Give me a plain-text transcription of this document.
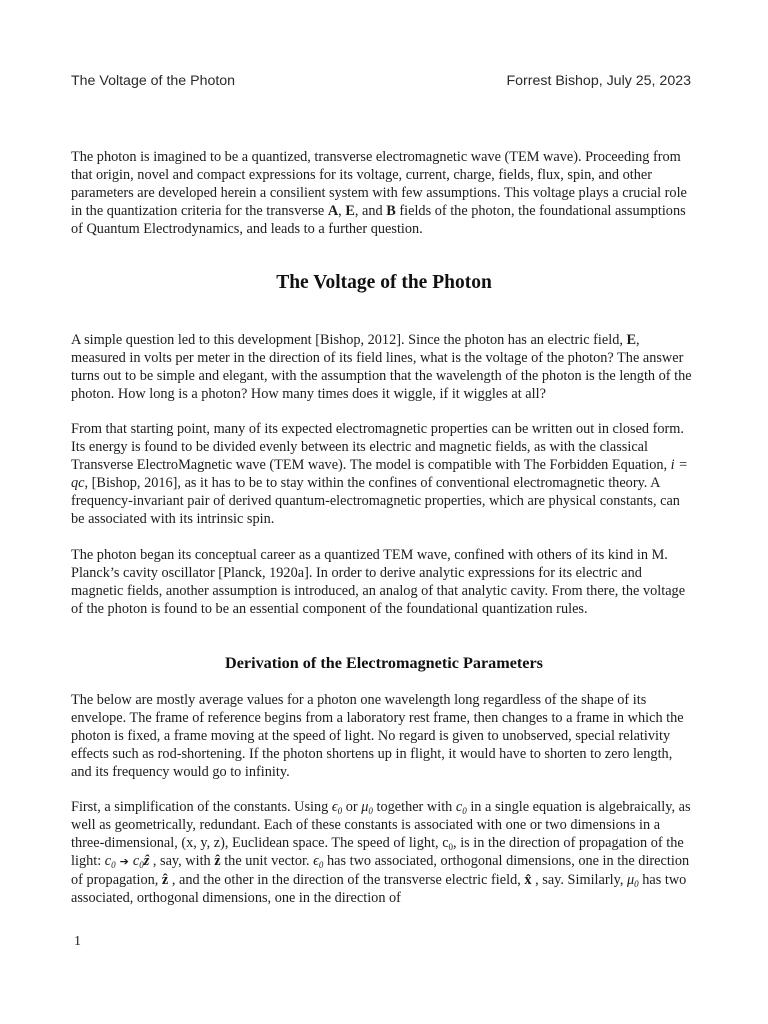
The Voltage of the Photon	Forrest Bishop, July 25, 2023

The photon is imagined to be a quantized, transverse electromagnetic wave (TEM wave). Proceeding from that origin, novel and compact expressions for its voltage, current, charge, fields, flux, spin, and other parameters are developed herein a consilient system with few assumptions. This voltage plays a crucial role in the quantization criteria for the transverse A, E, and B fields of the photon, the foundational assumptions of Quantum Electrodynamics, and leads to a further question.

The Voltage of the Photon

A simple question led to this development [Bishop, 2012]. Since the photon has an electric field, E, measured in volts per meter in the direction of its field lines, what is the voltage of the photon? The answer turns out to be simple and elegant, with the assumption that the wavelength of the photon is the length of the photon. How long is a photon? How many times does it wiggle, if it wiggles at all?

From that starting point, many of its expected electromagnetic properties can be written out in closed form. Its energy is found to be divided evenly between its electric and magnetic fields, as with the classical Transverse ElectroMagnetic wave (TEM wave). The model is compatible with The Forbidden Equation, i = qc, [Bishop, 2016], as it has to be to stay within the confines of conventional electromagnetic theory. A frequency-invariant pair of derived quantum-electromagnetic properties, which are physical constants, can be associated with its intrinsic spin.

The photon began its conceptual career as a quantized TEM wave, confined with others of its kind in M. Planck’s cavity oscillator [Planck, 1920a]. In order to derive analytic expressions for its electric and magnetic fields, another assumption is introduced, an analog of that analytic cavity. From there, the voltage of the photon is found to be an essential component of the foundational quantization rules.

Derivation of the Electromagnetic Parameters

The below are mostly average values for a photon one wavelength long regardless of the shape of its envelope. The frame of reference begins from a laboratory rest frame, then changes to a frame in which the photon is fixed, a frame moving at the speed of light. No regard is given to unobserved, special relativity effects such as rod-shortening. If the photon shortens up in flight, it would have to shorten to zero length, and its frequency would go to infinity.

First, a simplification of the constants. Using $\epsilon_0$ or $\mu_0$ together with $c_0$ in a single equation is algebraically, as well as geometrically, redundant. Each of these constants is associated with one or two dimensions in a three-dimensional, (x, y, z), Euclidean space. The speed of light, $c_0$, is in the direction of propagation of the light: $c_0$ ➔ $c_0ẑ$ , say, with ẑ the unit vector. $\epsilon_0$ has two associated, orthogonal dimensions, one in the direction of propagation, ẑ , and the other in the direction of the transverse electric field, x̂ , say. Similarly, $\mu_0$ has two associated, orthogonal dimensions, one in the direction of

1
